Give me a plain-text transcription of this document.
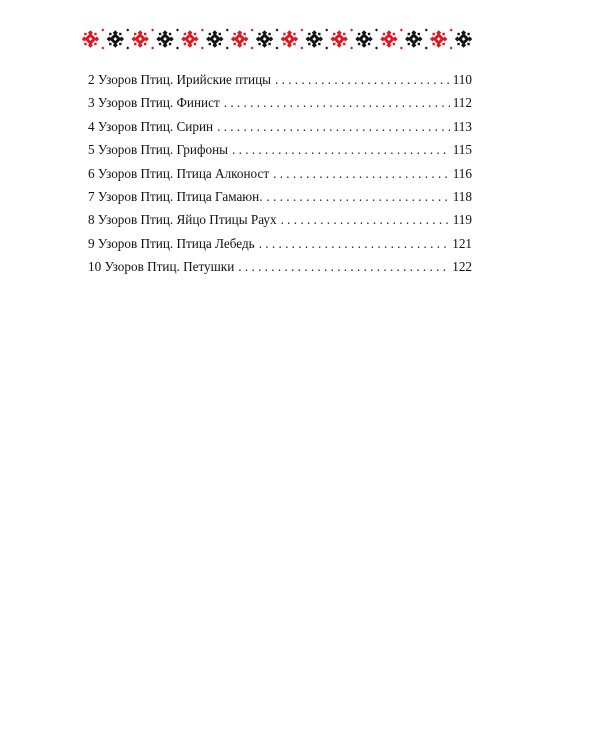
2 Узоров Птиц. Ирийские птицы . . .	110
3 Узоров Птиц. Финист . . .	112
4 Узоров Птиц. Сирин . . .	113
5 Узоров Птиц. Грифоны . . .	115
6 Узоров Птиц. Птица Алконост . . .	116
7 Узоров Птиц. Птица Гамаюн. . . .	118
8 Узоров Птиц. Яйцо Птицы Раух . . .	119
9 Узоров Птиц. Птица Лебедь . . .	121
10 Узоров Птиц. Петушки . . .	122
